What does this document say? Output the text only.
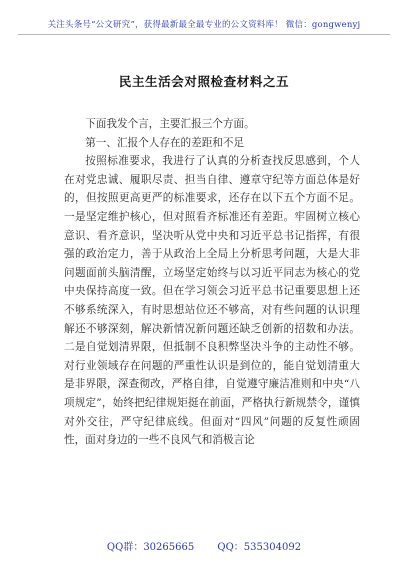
关注头条号“公文研究”，获得最新最全最专业的公文资料库！ 微信：gongwenyj
民主生活会对照检查材料之五

下面我发个言，主要汇报三个方面。

第一、汇报个人存在的差距和不足

按照标准要求，我进行了认真的分析查找反思感到，个人在对党忠诚、履职尽责、担当自律、遵章守纪等方面总体是好的，但按照更高更严的标准要求，还存在以下五个方面不足。一是坚定维护核心，但对照看齐标准还有差距。牢固树立核心意识、看齐意识，坚决听从党中央和习近平总书记指挥，有很强的政治定力，善于从政治上全局上分析思考问题，大是大非问题面前头脑清醒，立场坚定始终与以习近平同志为核心的党中央保持高度一致。但在学习领会习近平总书记重要思想上还不够系统深入，有时思想站位还不够高，对有些问题的认识理解还不够深刻，解决新情况新问题还缺乏创新的招数和办法。二是自觉划清界限，但抵制不良积弊坚决斗争的主动性不够。对行业领域存在问题的严重性认识是到位的，能自觉划清重大是非界限，深查彻改，严格自律，自觉遵守廉洁准则和中央“八项规定”，始终把纪律规矩挺在前面，严格执行新规禁令，谨慎对外交往，严守纪律底线。但面对“四风”问题的反复性顽固性，面对身边的一些不良风气和消极言论

QQ群：30265665 QQ：535304092
